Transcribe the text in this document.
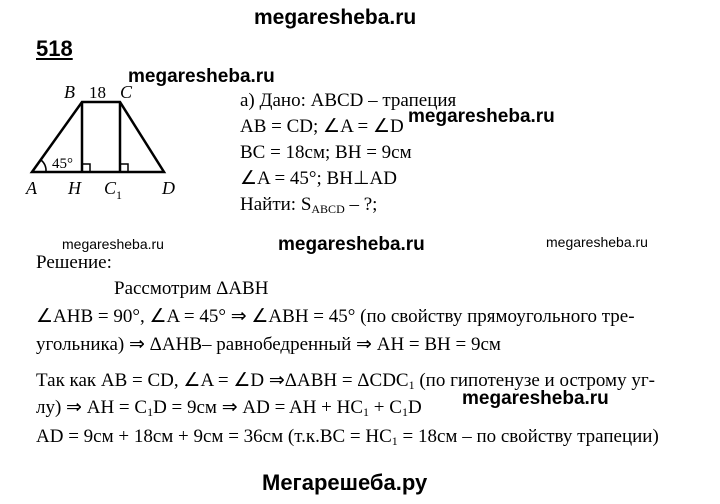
megaresheba.ru
megaresheba.ru
megaresheba.ru
megaresheba.ru	megaresheba.ru	megaresheba.ru
megaresheba.ru
Мегарешеба.ру
518
B	C
18
45°
A H C 1 D
а) Дано: ABCD – трапеция
AB = CD; ∠A = ∠D
BC = 18см; BH = 9см
∠A = 45°; BH⊥AD
Найти: $S_{ABCD}$ – ?;
Решение:
Рассмотрим ΔABH
∠AHB = 90°, ∠A = 45° ⇒ ∠ABH = 45° (по свойству прямоугольного тре-
угольника) ⇒ ΔAHB– равнобедренный ⇒ AH = BH = 9см
Так как AB = CD, ∠A = ∠D ⇒ΔABH = $\Delta CDC_1$ (по гипотенузе и острому уг-
лу) ⇒ AH = $C_1D = 9см$ ⇒ AD = AH + $HC_1 + C_1D$
AD = 9см + 18см + 9см = 36см ($т.к.BC = HC_1 = 18см$ – по свойству трапеции)
